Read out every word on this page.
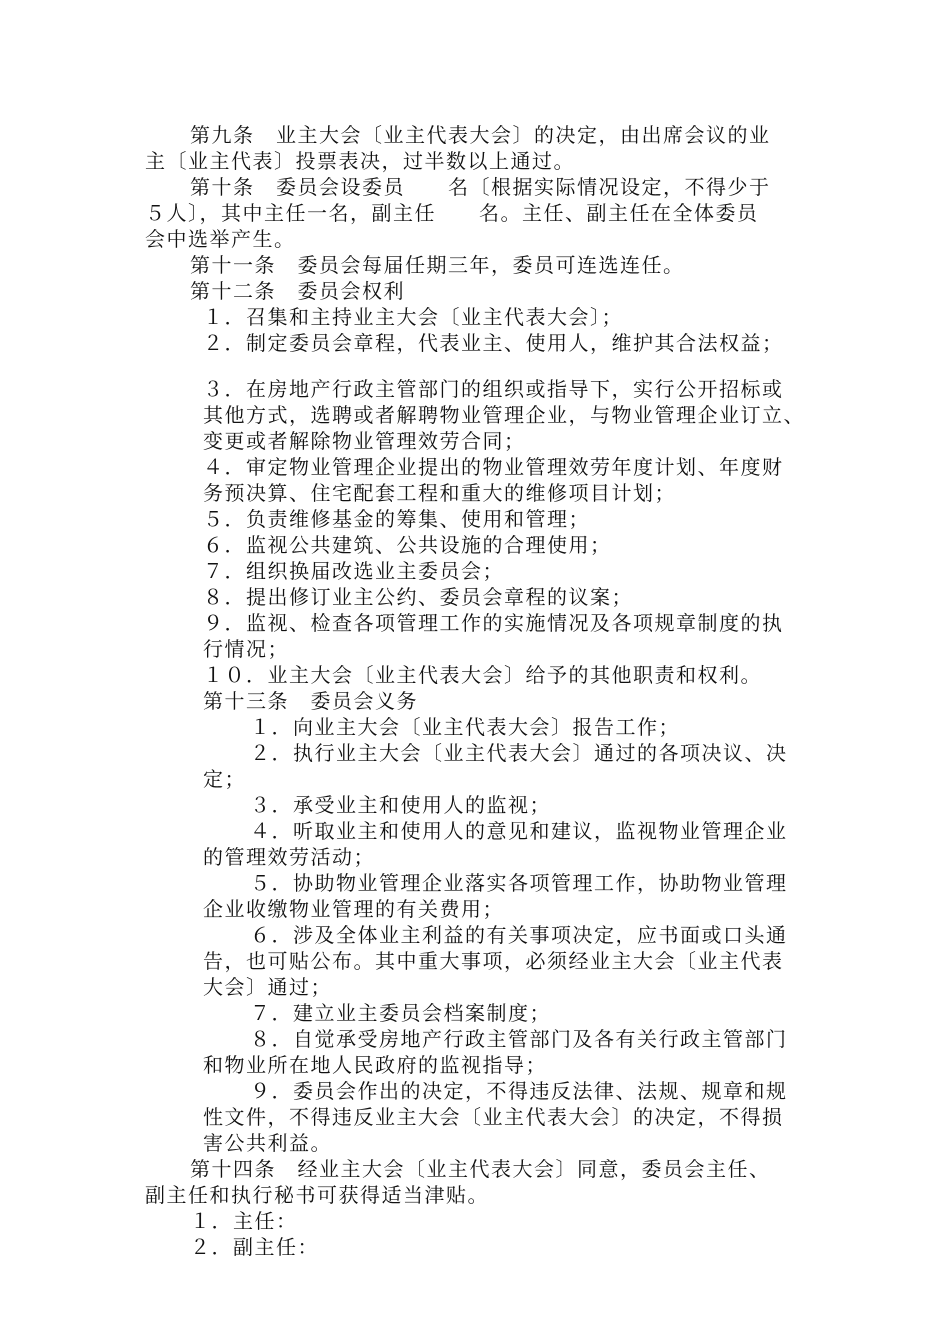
第九条　业主大会〔业主代表大会〕的决定，由出席会议的业
主〔业主代表〕投票表决，过半数以上通过。
第十条　委员会设委员　　名〔根据实际情况设定，不得少于
５人〕，其中主任一名，副主任　　名。主任、副主任在全体委员
会中选举产生。
第十一条　委员会每届任期三年，委员可连选连任。
第十二条　委员会权利
１．召集和主持业主大会〔业主代表大会〕；
２．制定委员会章程，代表业主、使用人，维护其合法权益；
３．在房地产行政主管部门的组织或指导下，实行公开招标或
其他方式，选聘或者解聘物业管理企业，与物业管理企业订立、
变更或者解除物业管理效劳合同；
４．审定物业管理企业提出的物业管理效劳年度计划、年度财
务预决算、住宅配套工程和重大的维修项目计划；
５．负责维修基金的筹集、使用和管理；
６．监视公共建筑、公共设施的合理使用；
７．组织换届改选业主委员会；
８．提出修订业主公约、委员会章程的议案；
９．监视、检查各项管理工作的实施情况及各项规章制度的执
行情况；
１０．业主大会〔业主代表大会〕给予的其他职责和权利。
第十三条　委员会义务
１．向业主大会〔业主代表大会〕报告工作；
２．执行业主大会〔业主代表大会〕通过的各项决议、决
定；
３．承受业主和使用人的监视；
４．听取业主和使用人的意见和建议，监视物业管理企业
的管理效劳活动；
５．协助物业管理企业落实各项管理工作，协助物业管理
企业收缴物业管理的有关费用；
６．涉及全体业主利益的有关事项决定，应书面或口头通
告，也可贴公布。其中重大事项，必须经业主大会〔业主代表
大会〕通过；
７．建立业主委员会档案制度；
８．自觉承受房地产行政主管部门及各有关行政主管部门
和物业所在地人民政府的监视指导；
９．委员会作出的决定，不得违反法律、法规、规章和规
性文件，不得违反业主大会〔业主代表大会〕的决定，不得损
害公共利益。
第十四条　经业主大会〔业主代表大会〕同意，委员会主任、
副主任和执行秘书可获得适当津贴。
１．主任：
２．副主任：
